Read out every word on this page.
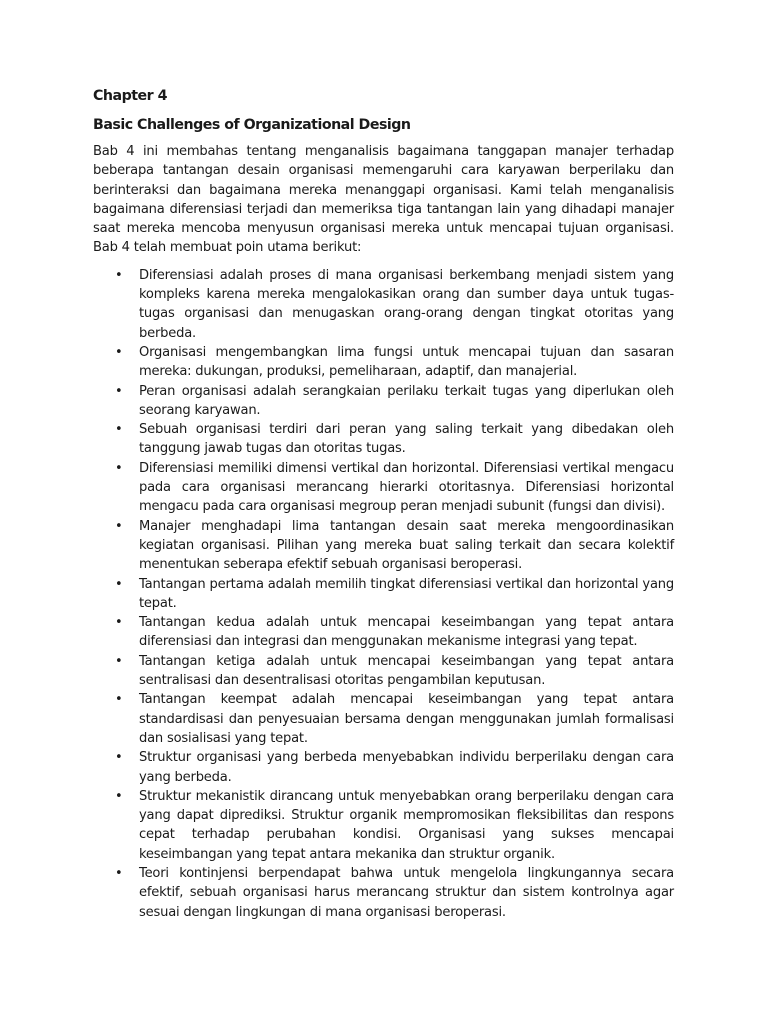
Chapter 4
Basic Challenges of Organizational Design

Bab 4 ini membahas tentang menganalisis bagaimana tanggapan manajer terhadap beberapa tantangan desain organisasi memengaruhi cara karyawan berperilaku dan berinteraksi dan bagaimana mereka menanggapi organisasi. Kami telah menganalisis bagaimana diferensiasi terjadi dan memeriksa tiga tantangan lain yang dihadapi manajer saat mereka mencoba menyusun organisasi mereka untuk mencapai tujuan organisasi. Bab 4 telah membuat poin utama berikut:

• Diferensiasi adalah proses di mana organisasi berkembang menjadi sistem yang kompleks karena mereka mengalokasikan orang dan sumber daya untuk tugas-tugas organisasi dan menugaskan orang-orang dengan tingkat otoritas yang berbeda.
• Organisasi mengembangkan lima fungsi untuk mencapai tujuan dan sasaran mereka: dukungan, produksi, pemeliharaan, adaptif, dan manajerial.
• Peran organisasi adalah serangkaian perilaku terkait tugas yang diperlukan oleh seorang karyawan.
• Sebuah organisasi terdiri dari peran yang saling terkait yang dibedakan oleh tanggung jawab tugas dan otoritas tugas.
• Diferensiasi memiliki dimensi vertikal dan horizontal. Diferensiasi vertikal mengacu pada cara organisasi merancang hierarki otoritasnya. Diferensiasi horizontal mengacu pada cara organisasi megroup peran menjadi subunit (fungsi dan divisi).
• Manajer menghadapi lima tantangan desain saat mereka mengoordinasikan kegiatan organisasi. Pilihan yang mereka buat saling terkait dan secara kolektif menentukan seberapa efektif sebuah organisasi beroperasi.
• Tantangan pertama adalah memilih tingkat diferensiasi vertikal dan horizontal yang tepat.
• Tantangan kedua adalah untuk mencapai keseimbangan yang tepat antara diferensiasi dan integrasi dan menggunakan mekanisme integrasi yang tepat.
• Tantangan ketiga adalah untuk mencapai keseimbangan yang tepat antara sentralisasi dan desentralisasi otoritas pengambilan keputusan.
• Tantangan keempat adalah mencapai keseimbangan yang tepat antara standardisasi dan penyesuaian bersama dengan menggunakan jumlah formalisasi dan sosialisasi yang tepat.
• Struktur organisasi yang berbeda menyebabkan individu berperilaku dengan cara yang berbeda.
• Struktur mekanistik dirancang untuk menyebabkan orang berperilaku dengan cara yang dapat diprediksi. Struktur organik mempromosikan fleksibilitas dan respons cepat terhadap perubahan kondisi. Organisasi yang sukses mencapai keseimbangan yang tepat antara mekanika dan struktur organik.
• Teori kontinjensi berpendapat bahwa untuk mengelola lingkungannya secara efektif, sebuah organisasi harus merancang struktur dan sistem kontrolnya agar sesuai dengan lingkungan di mana organisasi beroperasi.
